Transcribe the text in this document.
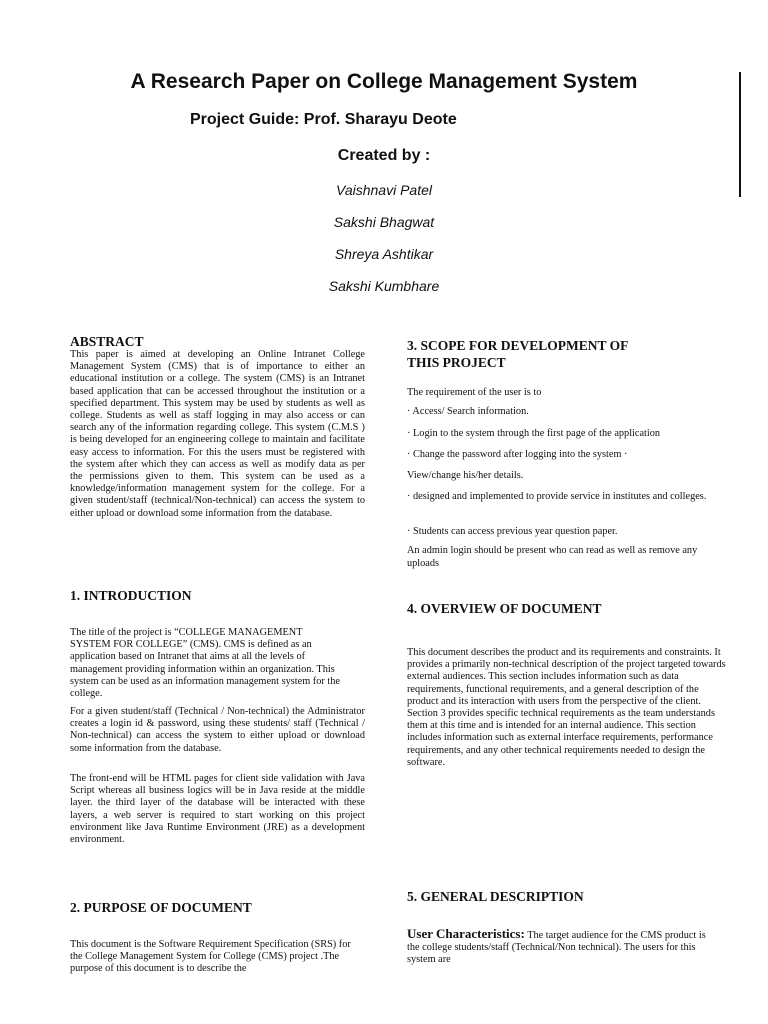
A Research Paper on College Management System

Project Guide: Prof. Sharayu Deote

Created by :

Vaishnavi Patel
Sakshi Bhagwat
Shreya Ashtikar
Sakshi Kumbhare
ABSTRACT

This paper is aimed at developing an Online Intranet College Management System (CMS) that is of importance to either an educational institution or a college. The system (CMS) is an Intranet based application that can be accessed throughout the institution or a specified department. This system may be used by students as well as college. Students as well as staff logging in may also access or can search any of the information regarding college. This system (C.M.S ) is being developed for an engineering college to maintain and facilitate easy access to information. For this the users must be registered with the system after which they can access as well as modify data as per the permissions given to them. This system can be used as a knowledge/information management system for the college. For a given student/staff (technical/Non-technical) can access the system to either upload or download some information from the database.

1. INTRODUCTION

The title of the project is “COLLEGE MANAGEMENT SYSTEM FOR COLLEGE” (CMS). CMS is defined as an application based on Intranet that aims at all the levels of management providing information within an organization. This system can be used as an information management system for the college.

For a given student/staff (Technical / Non-technical) the Administrator creates a login id & password, using these students/ staff (Technical / Non-technical) can access the system to either upload or download some information from the database.

The front-end will be HTML pages for client side validation with Java Script whereas all business logics will be in Java reside at the middle layer. the third layer of the database will be interacted with these layers, a web server is required to start working on this project environment like Java Runtime Environment (JRE) as a development environment.

2. PURPOSE OF DOCUMENT

This document is the Software Requirement Specification (SRS) for the College Management System for College (CMS) project .The purpose of this document is to describe the

3. SCOPE FOR DEVELOPMENT OF
THIS PROJECT

The requirement of the user is to

· Access/ Search information.

· Login to the system through the first page of the application

· Change the password after logging into the system ·

View/change his/her details.

· designed and implemented to provide service in institutes and colleges.

· Students can access previous year question paper.

An admin login should be present who can read as well as remove any uploads

4. OVERVIEW OF DOCUMENT

This document describes the product and its requirements and constraints. It provides a primarily non-technical description of the project targeted towards external audiences. This section includes information such as data requirements, functional requirements, and a general description of the product and its interaction with users from the perspective of the client. Section 3 provides specific technical requirements as the team understands them at this time and is intended for an internal audience. This section includes information such as external interface requirements, performance requirements, and any other technical requirements needed to design the software.

5. GENERAL DESCRIPTION

User Characteristics: The target audience for the CMS product is the college students/staff (Technical/Non technical). The users for this system are
